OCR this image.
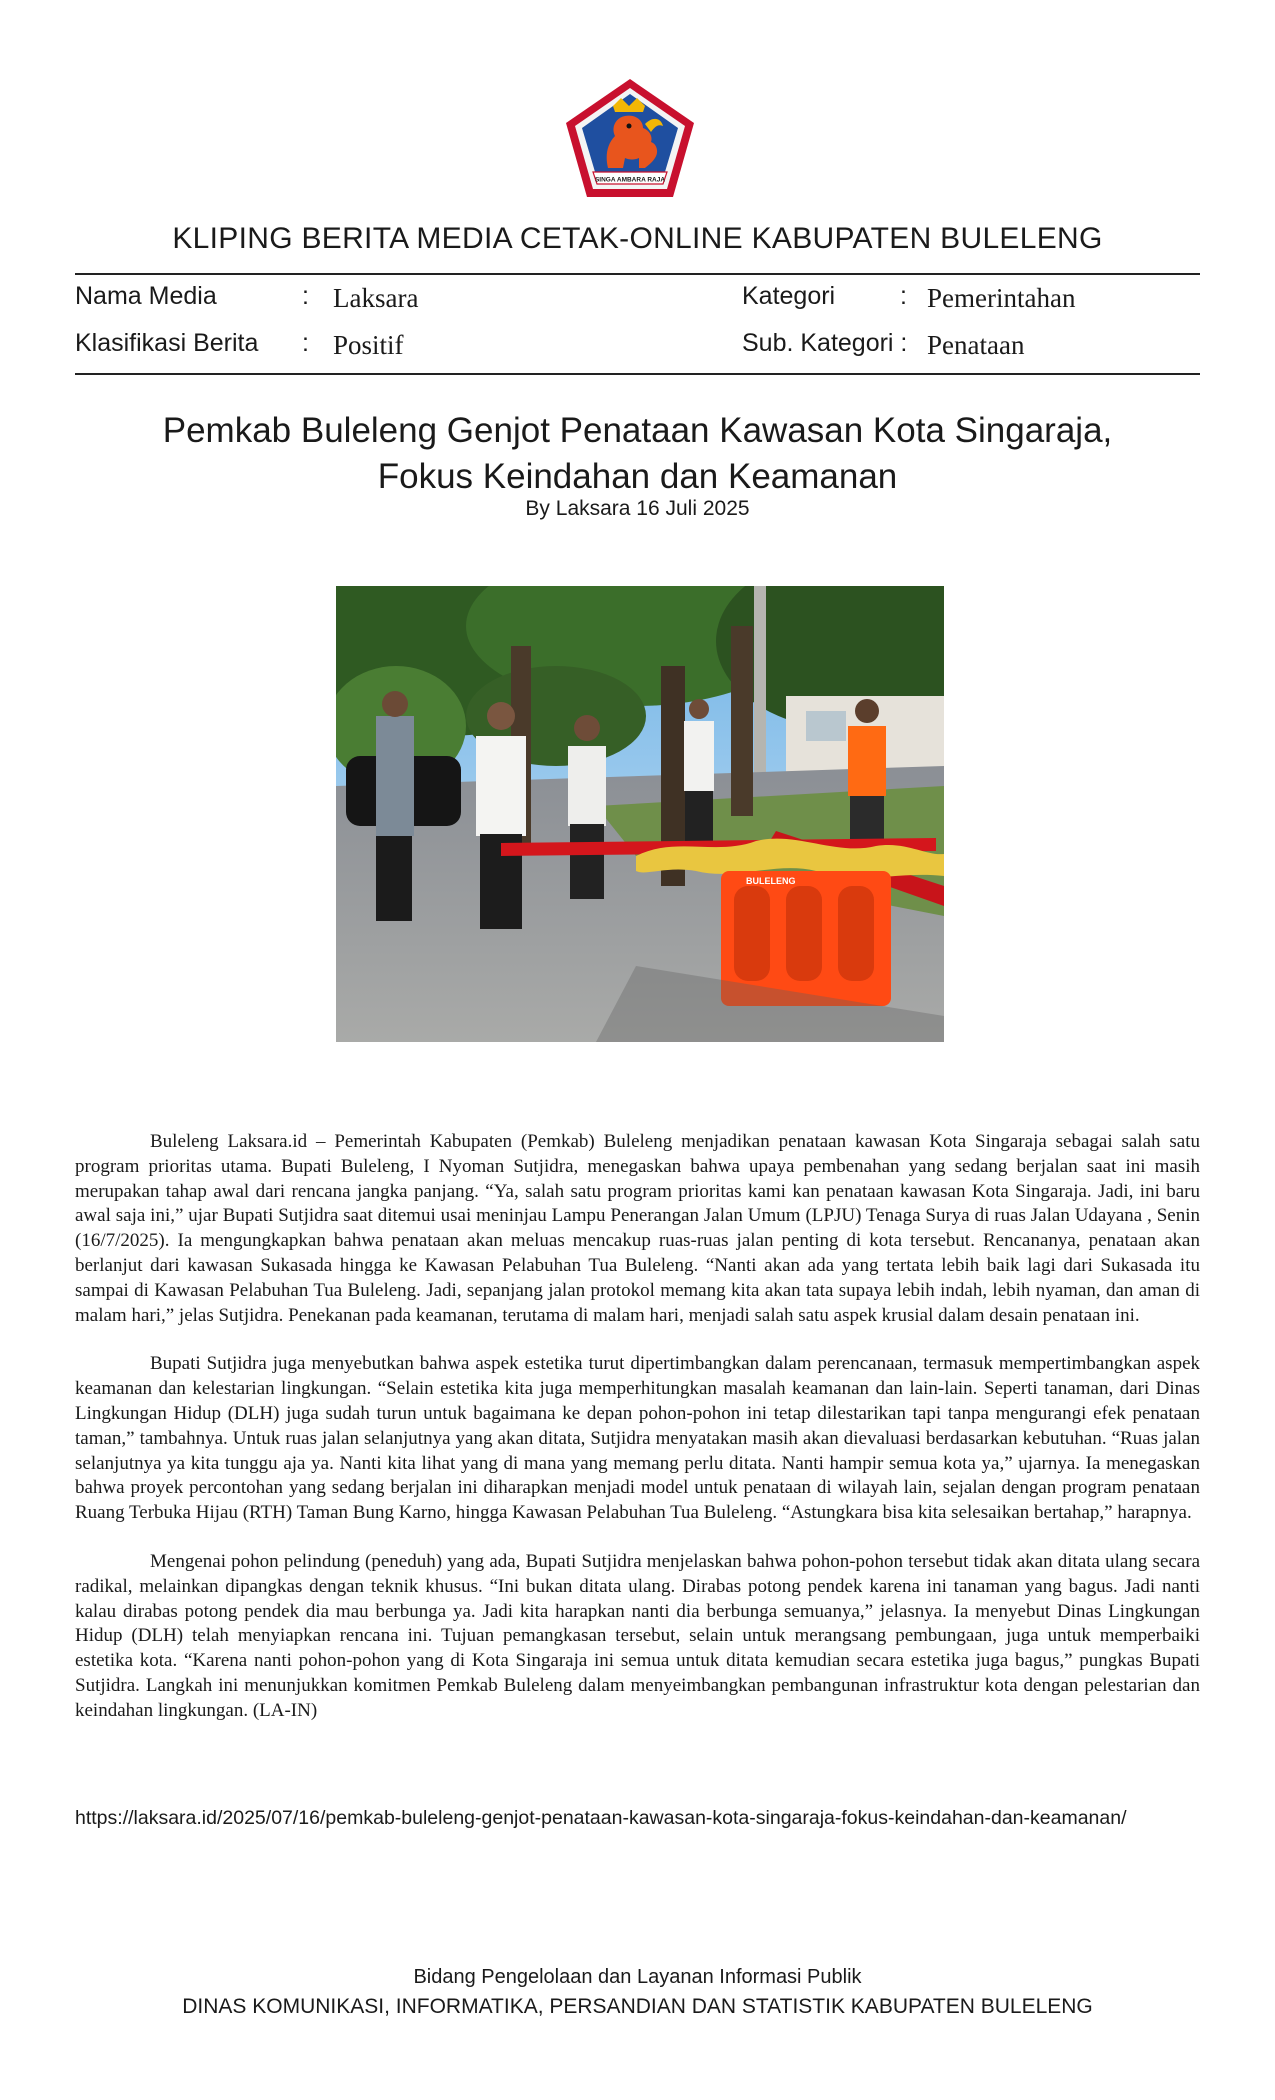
SINGA AMBARA RAJA
KLIPING BERITA MEDIA CETAK-ONLINE KABUPATEN BULELENG
Nama Media	: Laksara	Kategori	: Pemerintahan
Klasifikasi Berita : Positif	Sub. Kategori : Penataan
Pemkab Buleleng Genjot Penataan Kawasan Kota Singaraja,
Fokus Keindahan dan Keamanan
By Laksara 16 Juli 2025
BULELENG

Buleleng Laksara.id – Pemerintah Kabupaten (Pemkab) Buleleng menjadikan penataan kawasan Kota Singaraja sebagai salah satu program prioritas utama. Bupati Buleleng, I Nyoman Sutjidra, menegaskan bahwa upaya pembenahan yang sedang berjalan saat ini masih merupakan tahap awal dari rencana jangka panjang. “Ya, salah satu program prioritas kami kan penataan kawasan Kota Singaraja. Jadi, ini baru awal saja ini,” ujar Bupati Sutjidra saat ditemui usai meninjau Lampu Penerangan Jalan Umum (LPJU) Tenaga Surya di ruas Jalan Udayana , Senin (16/7/2025). Ia mengungkapkan bahwa penataan akan meluas mencakup ruas-ruas jalan penting di kota tersebut. Rencananya, penataan akan berlanjut dari kawasan Sukasada hingga ke Kawasan Pelabuhan Tua Buleleng. “Nanti akan ada yang tertata lebih baik lagi dari Sukasada itu sampai di Kawasan Pelabuhan Tua Buleleng. Jadi, sepanjang jalan protokol memang kita akan tata supaya lebih indah, lebih nyaman, dan aman di malam hari,” jelas Sutjidra. Penekanan pada keamanan, terutama di malam hari, menjadi salah satu aspek krusial dalam desain penataan ini.

Bupati Sutjidra juga menyebutkan bahwa aspek estetika turut dipertimbangkan dalam perencanaan, termasuk mempertimbangkan aspek keamanan dan kelestarian lingkungan. “Selain estetika kita juga memperhitungkan masalah keamanan dan lain-lain. Seperti tanaman, dari Dinas Lingkungan Hidup (DLH) juga sudah turun untuk bagaimana ke depan pohon-pohon ini tetap dilestarikan tapi tanpa mengurangi efek penataan taman,” tambahnya. Untuk ruas jalan selanjutnya yang akan ditata, Sutjidra menyatakan masih akan dievaluasi berdasarkan kebutuhan. “Ruas jalan selanjutnya ya kita tunggu aja ya. Nanti kita lihat yang di mana yang memang perlu ditata. Nanti hampir semua kota ya,” ujarnya. Ia menegaskan bahwa proyek percontohan yang sedang berjalan ini diharapkan menjadi model untuk penataan di wilayah lain, sejalan dengan program penataan Ruang Terbuka Hijau (RTH) Taman Bung Karno, hingga Kawasan Pelabuhan Tua Buleleng. “Astungkara bisa kita selesaikan bertahap,” harapnya.

Mengenai pohon pelindung (peneduh) yang ada, Bupati Sutjidra menjelaskan bahwa pohon-pohon tersebut tidak akan ditata ulang secara radikal, melainkan dipangkas dengan teknik khusus. “Ini bukan ditata ulang. Dirabas potong pendek karena ini tanaman yang bagus. Jadi nanti kalau dirabas potong pendek dia mau berbunga ya. Jadi kita harapkan nanti dia berbunga semuanya,” jelasnya. Ia menyebut Dinas Lingkungan Hidup (DLH) telah menyiapkan rencana ini. Tujuan pemangkasan tersebut, selain untuk merangsang pembungaan, juga untuk memperbaiki estetika kota. “Karena nanti pohon-pohon yang di Kota Singaraja ini semua untuk ditata kemudian secara estetika juga bagus,” pungkas Bupati Sutjidra. Langkah ini menunjukkan komitmen Pemkab Buleleng dalam menyeimbangkan pembangunan infrastruktur kota dengan pelestarian dan keindahan lingkungan. (LA-IN)

https://laksara.id/2025/07/16/pemkab-buleleng-genjot-penataan-kawasan-kota-singaraja-fokus-keindahan-dan-keamanan/
Bidang Pengelolaan dan Layanan Informasi Publik
DINAS KOMUNIKASI, INFORMATIKA, PERSANDIAN DAN STATISTIK KABUPATEN BULELENG
